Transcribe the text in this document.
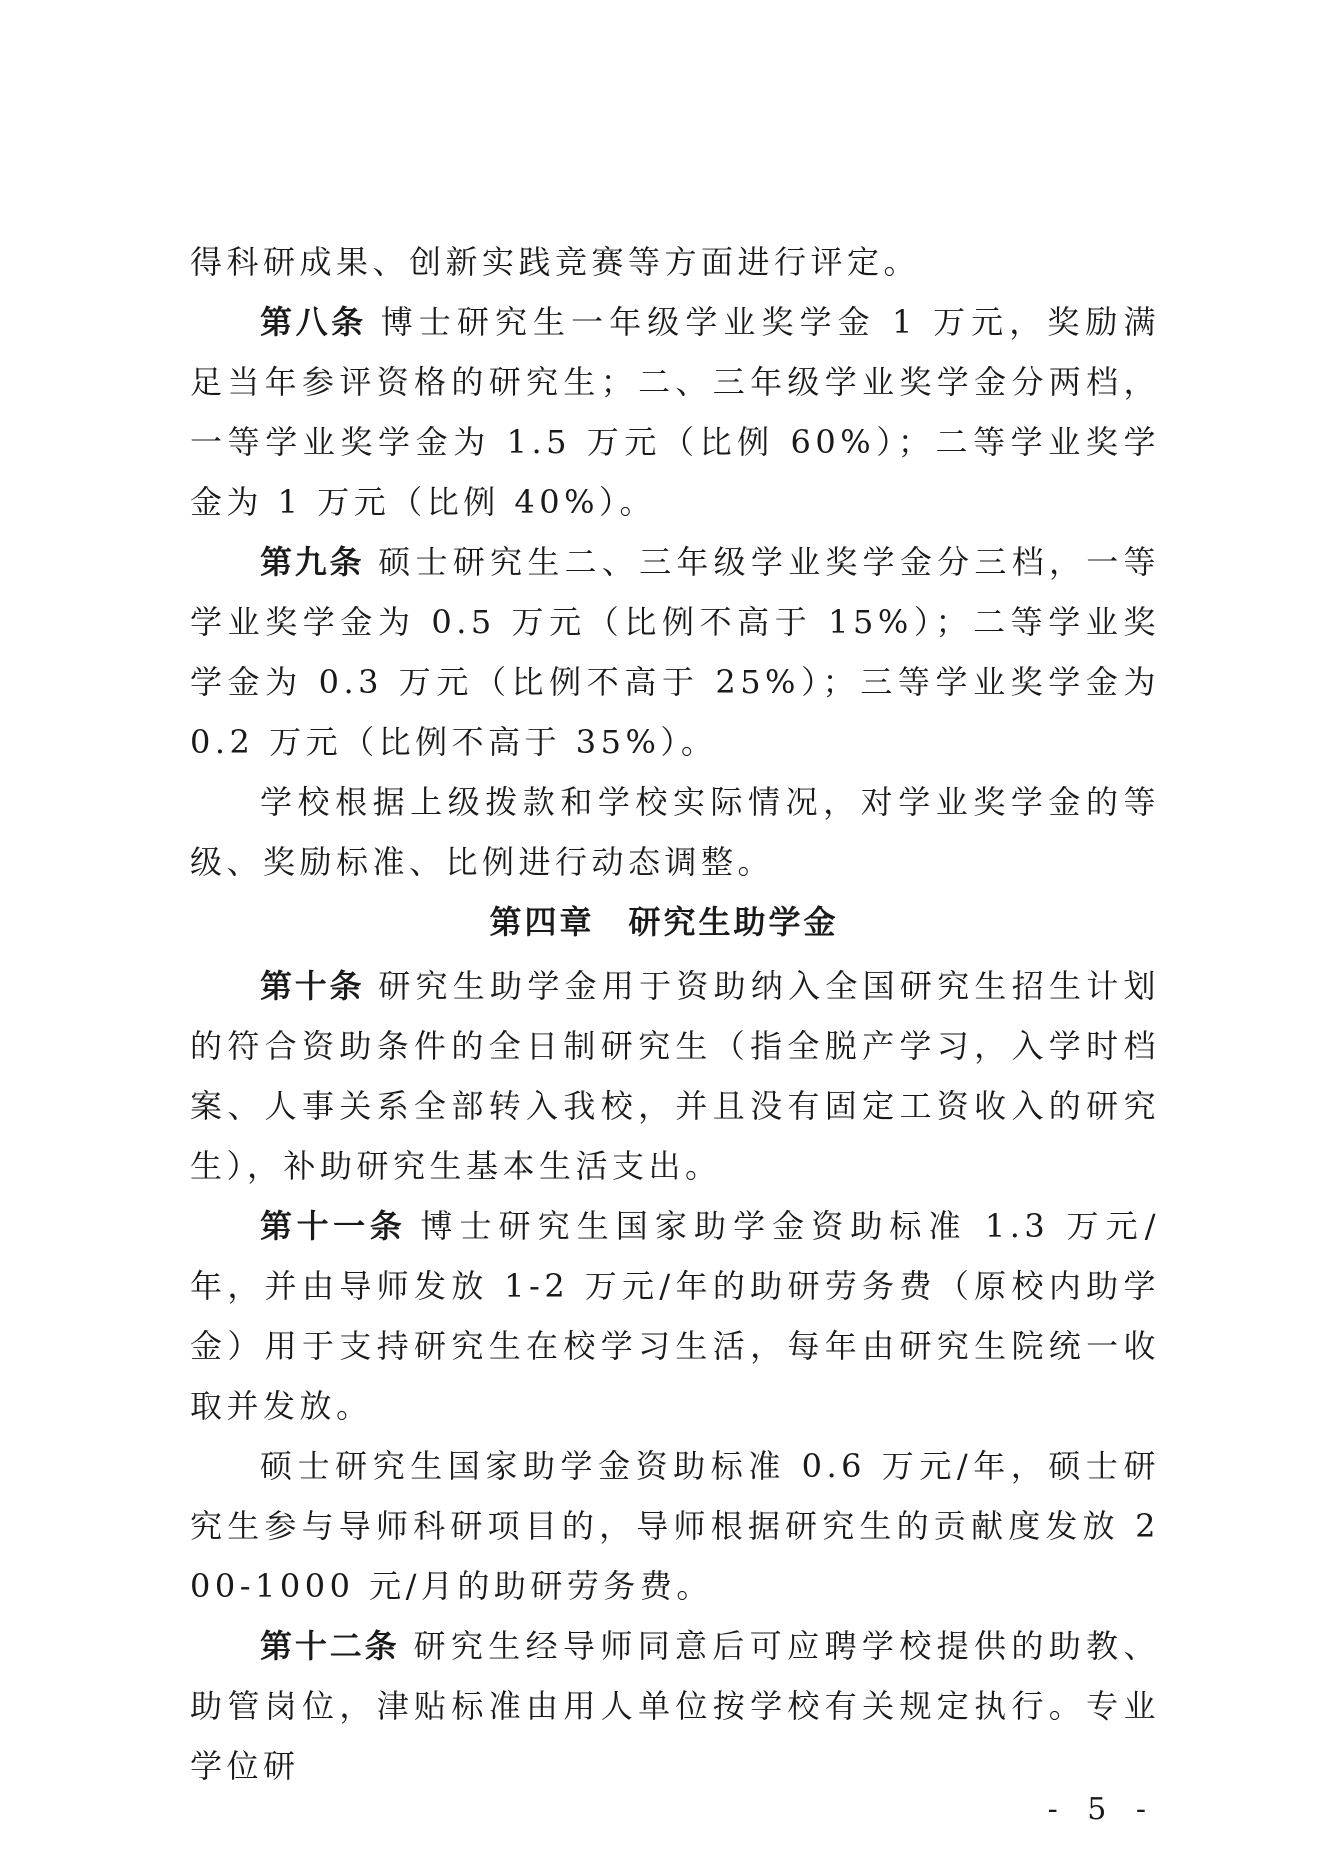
得科研成果、创新实践竞赛等方面进行评定。

第八条 博士研究生一年级学业奖学金 1 万元，奖励满足当年参评资格的研究生；二、三年级学业奖学金分两档，一等学业奖学金为 1.5 万元（比例 60%）；二等学业奖学金为 1 万元（比例 40%）。

第九条 硕士研究生二、三年级学业奖学金分三档，一等学业奖学金为 0.5 万元（比例不高于 15%）；二等学业奖学金为 0.3 万元（比例不高于 25%）；三等学业奖学金为 0.2 万元（比例不高于 35%）。

学校根据上级拨款和学校实际情况，对学业奖学金的等级、奖励标准、比例进行动态调整。

第四章 研究生助学金

第十条 研究生助学金用于资助纳入全国研究生招生计划的符合资助条件的全日制研究生（指全脱产学习，入学时档案、人事关系全部转入我校，并且没有固定工资收入的研究生），补助研究生基本生活支出。

第十一条 博士研究生国家助学金资助标准 1.3 万元/年，并由导师发放 1-2 万元/年的助研劳务费（原校内助学金）用于支持研究生在校学习生活，每年由研究生院统一收取并发放。

硕士研究生国家助学金资助标准 0.6 万元/年，硕士研究生参与导师科研项目的，导师根据研究生的贡献度发放 200-1000 元/月的助研劳务费。

第十二条 研究生经导师同意后可应聘学校提供的助教、助管岗位，津贴标准由用人单位按学校有关规定执行。专业学位研

- 5 -
